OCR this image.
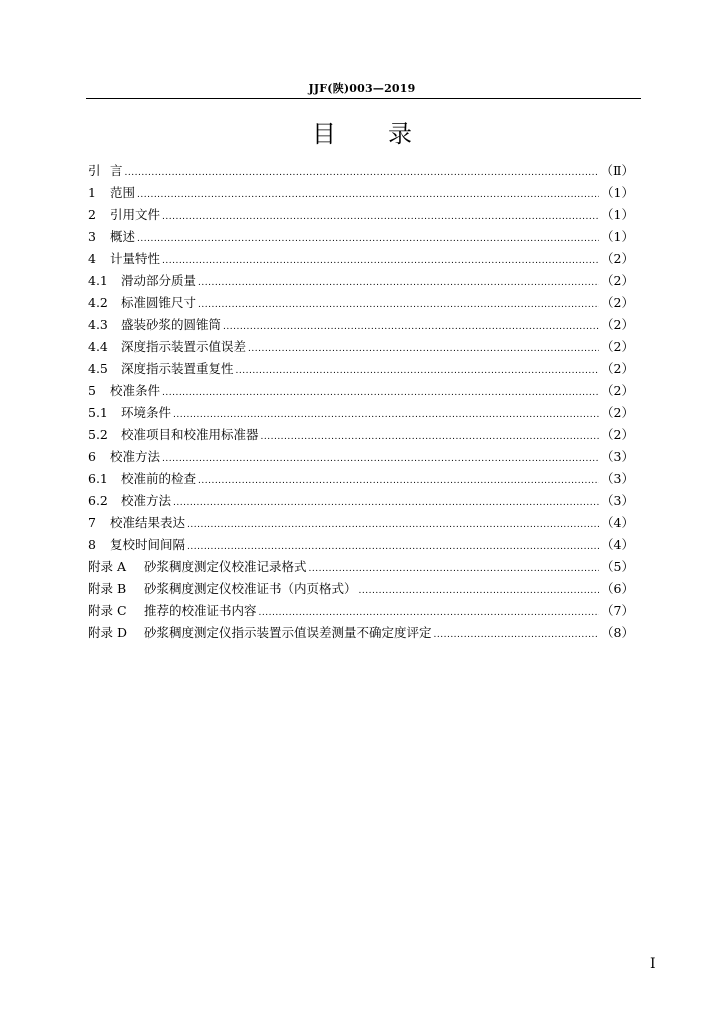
JJF(陕)003—2019
目录
引 言 .....	（Ⅱ）
1	范围 .....	（1）
2	引用文件 .....	（1）
3	概述 .....	（1）
4	计量特性 .....	（2）
4.1	滑动部分质量 .....	（2）
4.2	标准圆锥尺寸 .....	（2）
4.3	盛装砂浆的圆锥筒 .....	（2）
4.4	深度指示装置示值误差 .....	（2）
4.5	深度指示装置重复性 .....	（2）
5	校准条件 .....	（2）
5.1	环境条件 .....	（2）
5.2	校准项目和校准用标准器 .....	（2）
6	校准方法 .....	（3）
6.1	校准前的检查 .....	（3）
6.2	校准方法 .....	（3）
7	校准结果表达 .....	（4）
8	复校时间间隔 .....	（4）
附录 A	砂浆稠度测定仪校准记录格式 .....	（5）
附录 B	砂浆稠度测定仪校准证书（内页格式） .....	（6）
附录 C	推荐的校准证书内容 .....	（7）
附录 D	砂浆稠度测定仪指示装置示值误差测量不确定度评定 .....	（8）
Ⅰ
